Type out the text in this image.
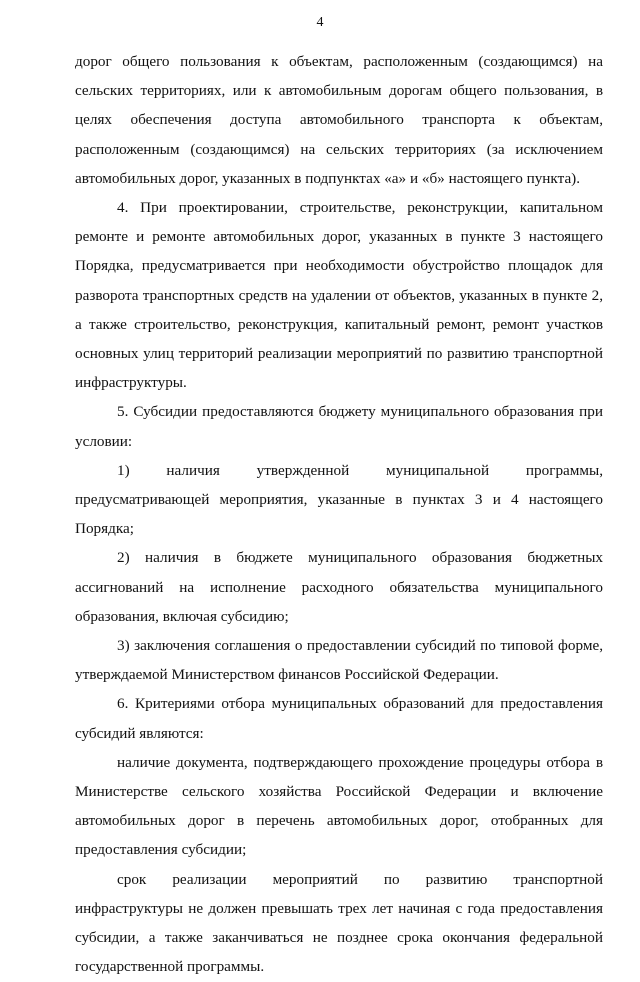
4

дорог общего пользования к объектам, расположенным (создающимся) на сельских территориях, или к автомобильным дорогам общего пользования, в целях обеспечения доступа автомобильного транспорта к объектам, расположенным (создающимся) на сельских территориях (за исключением автомобильных дорог, указанных в подпунктах «а» и «б» настоящего пункта).

4. При проектировании, строительстве, реконструкции, капитальном ремонте и ремонте автомобильных дорог, указанных в пункте 3 настоящего Порядка, предусматривается при необходимости обустройство площадок для разворота транспортных средств на удалении от объектов, указанных в пункте 2, а также строительство, реконструкция, капитальный ремонт, ремонт участков основных улиц территорий реализации мероприятий по развитию транспортной инфраструктуры.

5. Субсидии предоставляются бюджету муниципального образования при условии:

1) наличия утвержденной муниципальной программы, предусматривающей мероприятия, указанные в пунктах 3 и 4 настоящего Порядка;

2) наличия в бюджете муниципального образования бюджетных ассигнований на исполнение расходного обязательства муниципального образования, включая субсидию;

3) заключения соглашения о предоставлении субсидий по типовой форме, утверждаемой Министерством финансов Российской Федерации.

6. Критериями отбора муниципальных образований для предоставления субсидий являются:

наличие документа, подтверждающего прохождение процедуры отбора в Министерстве сельского хозяйства Российской Федерации и включение автомобильных дорог в перечень автомобильных дорог, отобранных для предоставления субсидии;

срок реализации мероприятий по развитию транспортной инфраструктуры не должен превышать трех лет начиная с года предоставления субсидии, а также заканчиваться не позднее срока окончания федеральной государственной программы.
